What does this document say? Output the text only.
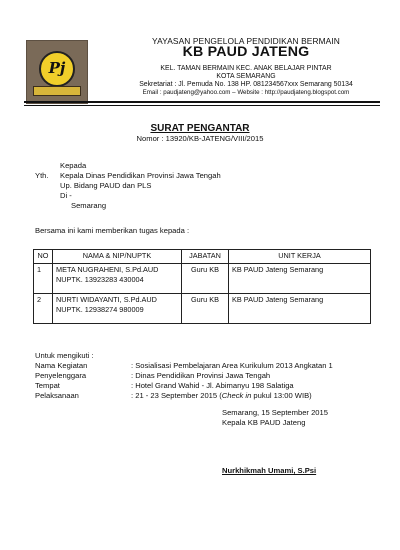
Pj
YAYASAN PENGELOLA PENDIDIKAN BERMAIN
KB PAUD JATENG
KEL. TAMAN BERMAIN KEC. ANAK BELAJAR PINTAR
KOTA SEMARANG
Sekretariat : Jl. Pemuda No. 138 HP. 081234567xxx Semarang 50134
Email : paudjateng@yahoo.com – Website : http://paudjateng.blogspot.com
SURAT PENGANTAR
Nomor : 13920/KB-JATENG/VIII/2015
Kepada
Yth. Kepala Dinas Pendidikan Provinsi Jawa Tengah
Up. Bidang PAUD dan PLS
Di -
Semarang
Bersama ini kami memberikan tugas kepada :
NO	NAMA & NIP/NUPTK	JABATAN	UNIT KERJA
1	META NUGRAHENI, S.Pd.AUD
NUPTK. 13923283 430004	Guru KB	KB PAUD Jateng Semarang
2	NURTI WIDAYANTI, S.Pd.AUD
NUPTK. 12938274 980009	Guru KB	KB PAUD Jateng Semarang
Untuk mengikuti :
Nama Kegiatan	: Sosialisasi Pembelajaran Area Kurikulum 2013 Angkatan 1
Penyelenggara	: Dinas Pendidikan Provinsi Jawa Tengah
Tempat	: Hotel Grand Wahid - Jl. Abimanyu 198 Salatiga
Pelaksanaan	: 21 - 23 September 2015 (Check in pukul 13:00 WIB)
Semarang, 15 September 2015
Kepala KB PAUD Jateng
Nurkhikmah Umami, S.Psi
